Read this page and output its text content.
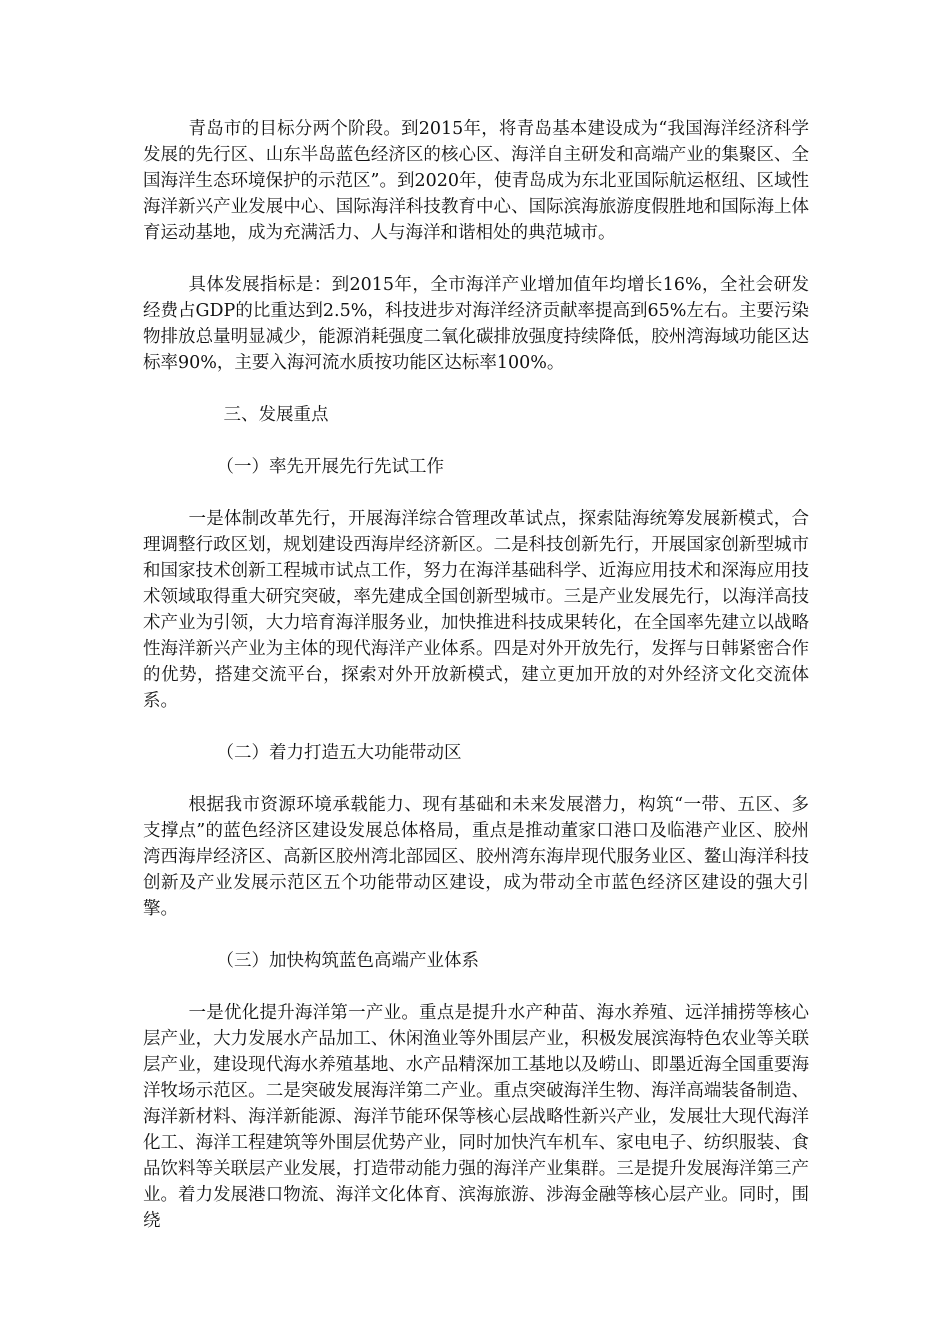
青岛市的目标分两个阶段。到2015年，将青岛基本建设成为“我国海洋经济科学发展的先行区、山东半岛蓝色经济区的核心区、海洋自主研发和高端产业的集聚区、全国海洋生态环境保护的示范区”。到2020年，使青岛成为东北亚国际航运枢纽、区域性海洋新兴产业发展中心、国际海洋科技教育中心、国际滨海旅游度假胜地和国际海上体育运动基地，成为充满活力、人与海洋和谐相处的典范城市。

具体发展指标是：到2015年，全市海洋产业增加值年均增长16%，全社会研发经费占GDP的比重达到2.5%，科技进步对海洋经济贡献率提高到65%左右。主要污染物排放总量明显减少，能源消耗强度二氧化碳排放强度持续降低，胶州湾海域功能区达标率90%，主要入海河流水质按功能区达标率100%。

三、发展重点

（一）率先开展先行先试工作

一是体制改革先行，开展海洋综合管理改革试点，探索陆海统筹发展新模式，合理调整行政区划，规划建设西海岸经济新区。二是科技创新先行，开展国家创新型城市和国家技术创新工程城市试点工作，努力在海洋基础科学、近海应用技术和深海应用技术领域取得重大研究突破，率先建成全国创新型城市。三是产业发展先行，以海洋高技术产业为引领，大力培育海洋服务业，加快推进科技成果转化，在全国率先建立以战略性海洋新兴产业为主体的现代海洋产业体系。四是对外开放先行，发挥与日韩紧密合作的优势，搭建交流平台，探索对外开放新模式，建立更加开放的对外经济文化交流体系。

（二）着力打造五大功能带动区

根据我市资源环境承载能力、现有基础和未来发展潜力，构筑“一带、五区、多支撑点”的蓝色经济区建设发展总体格局，重点是推动董家口港口及临港产业区、胶州湾西海岸经济区、高新区胶州湾北部园区、胶州湾东海岸现代服务业区、鳌山海洋科技创新及产业发展示范区五个功能带动区建设，成为带动全市蓝色经济区建设的强大引擎。

（三）加快构筑蓝色高端产业体系

一是优化提升海洋第一产业。重点是提升水产种苗、海水养殖、远洋捕捞等核心层产业，大力发展水产品加工、休闲渔业等外围层产业，积极发展滨海特色农业等关联层产业，建设现代海水养殖基地、水产品精深加工基地以及崂山、即墨近海全国重要海洋牧场示范区。二是突破发展海洋第二产业。重点突破海洋生物、海洋高端装备制造、海洋新材料、海洋新能源、海洋节能环保等核心层战略性新兴产业，发展壮大现代海洋化工、海洋工程建筑等外围层优势产业，同时加快汽车机车、家电电子、纺织服装、食品饮料等关联层产业发展，打造带动能力强的海洋产业集群。三是提升发展海洋第三产业。着力发展港口物流、海洋文化体育、滨海旅游、涉海金融等核心层产业。同时，围绕
